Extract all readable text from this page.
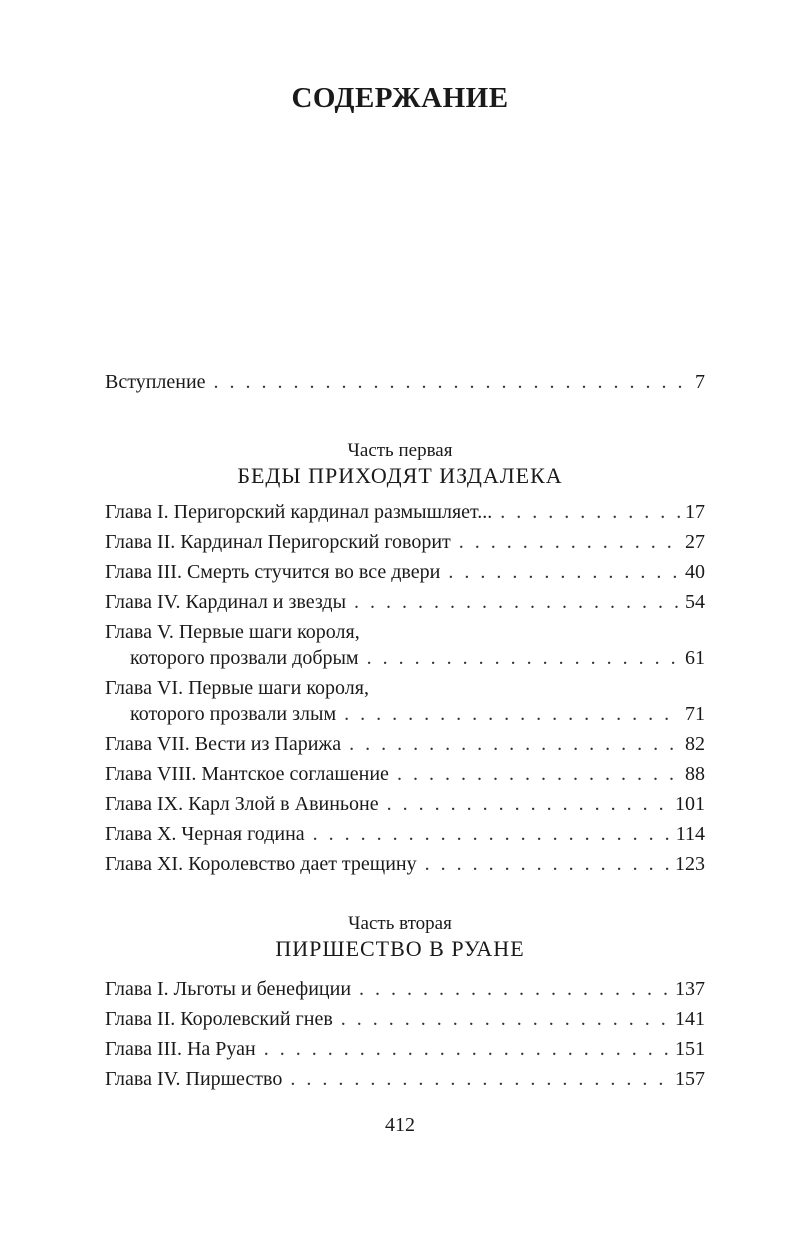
СОДЕРЖАНИЕ
Вступление . . .	7
Часть первая
БЕДЫ ПРИХОДЯТ ИЗДАЛЕКА
Глава I. Перигорский кардинал размышляет... . . .	17
Глава II. Кардинал Перигорский говорит . . .	27
Глава III. Смерть стучится во все двери . . .	40
Глава IV. Кардинал и звезды . . .	54
Глава V. Первые шаги короля,
которого прозвали добрым . . .	61
Глава VI. Первые шаги короля,
которого прозвали злым . . .	71
Глава VII. Вести из Парижа . . .	82
Глава VIII. Мантское соглашение . . .	88
Глава IX. Карл Злой в Авиньоне . . .	101
Глава X. Черная година . . .	114
Глава XI. Королевство дает трещину . . .	123
Часть вторая
ПИРШЕСТВО В РУАНЕ
Глава I. Льготы и бенефиции . . .	137
Глава II. Королевский гнев . . .	141
Глава III. На Руан . . .	151
Глава IV. Пиршество . . .	157
412
